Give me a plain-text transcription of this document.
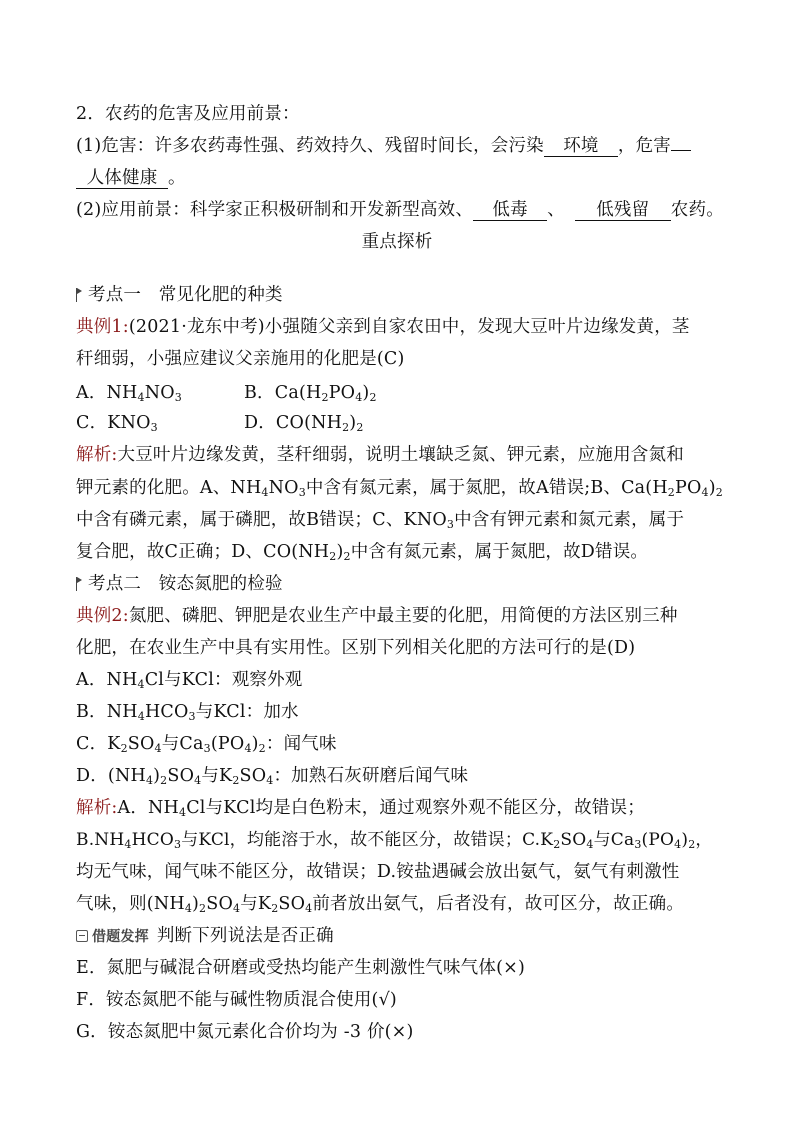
2．农药的危害及应用前景：
(1)危害：许多农药毒性强、药效持久、残留时间长，会污染 环境 ，危害
人体健康 。
(2)应用前景：科学家正积极研制和开发新型高效、 低毒 、 低残留 农药。
重点探析
考点一　常见化肥的种类
典例1:(2021·龙东中考)小强随父亲到自家农田中，发现大豆叶片边缘发黄，茎
秆细弱，小强应建议父亲施用的化肥是(C)
A．$NH_4NO_3$	B．$Ca(H_2PO_4)_2$
C．$KNO_3$	D．$CO(NH_2)_2$
解析:大豆叶片边缘发黄，茎秆细弱，说明土壤缺乏氮、钾元素，应施用含氮和
钾元素的化肥。A、$NH_4NO_3$中含有氮元素，属于氮肥，故A错误;B、$Ca(H_2PO_4)_2$
中含有磷元素，属于磷肥，故B错误；C、$KNO_3$中含有钾元素和氮元素，属于
复合肥，故C正确；D、$CO(NH_2)_2$中含有氮元素，属于氮肥，故D错误。
考点二　铵态氮肥的检验
典例2:氮肥、磷肥、钾肥是农业生产中最主要的化肥，用简便的方法区别三种
化肥，在农业生产中具有实用性。区别下列相关化肥的方法可行的是(D)
A．$NH_4Cl$与KCl：观察外观
B．$NH_4HCO_3$与KCl：加水
C．$K_2SO_4$与$Ca_3(PO_4)_2$：闻气味
D．$(NH_4)_2SO_4$与$K_2SO_4$：加熟石灰研磨后闻气味
解析:A．$NH_4Cl$与KCl均是白色粉末，通过观察外观不能区分，故错误；
$B.NH_4HCO_3$与KCl，均能溶于水，故不能区分，故错误；$C.K_2SO_4$与$Ca_3(PO_4)_2$，
均无气味，闻气味不能区分，故错误；D.铵盐遇碱会放出氨气，氨气有刺激性
气味，则$(NH_4)_2SO_4$与$K_2SO_4$前者放出氨气，后者没有，故可区分，故正确。
借题发挥 判断下列说法是否正确
E．氮肥与碱混合研磨或受热均能产生刺激性气味气体(×)
F．铵态氮肥不能与碱性物质混合使用(√)
G．铵态氮肥中氮元素化合价均为 -3 价(×)
